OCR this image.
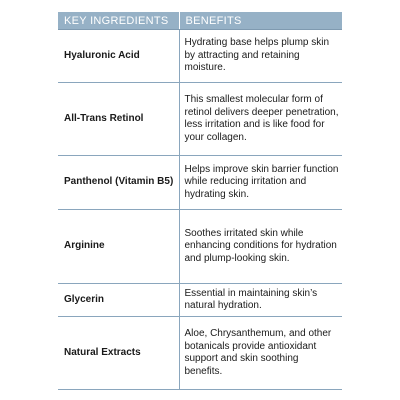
KEY INGREDIENTS	BENEFITS
Hyaluronic Acid	Hydrating base helps plump skin by attracting and retaining moisture.
All-Trans Retinol	This smallest molecular form of retinol delivers deeper penetration, less irritation and is like food for your collagen.
Panthenol (Vitamin B5)	Helps improve skin barrier function while reducing irritation and hydrating skin.
Arginine	Soothes irritated skin while enhancing conditions for hydration and plump-looking skin.
Glycerin	Essential in maintaining skin’s natural hydration.
Natural Extracts	Aloe, Chrysanthemum, and other botanicals provide antioxidant support and skin soothing benefits.
